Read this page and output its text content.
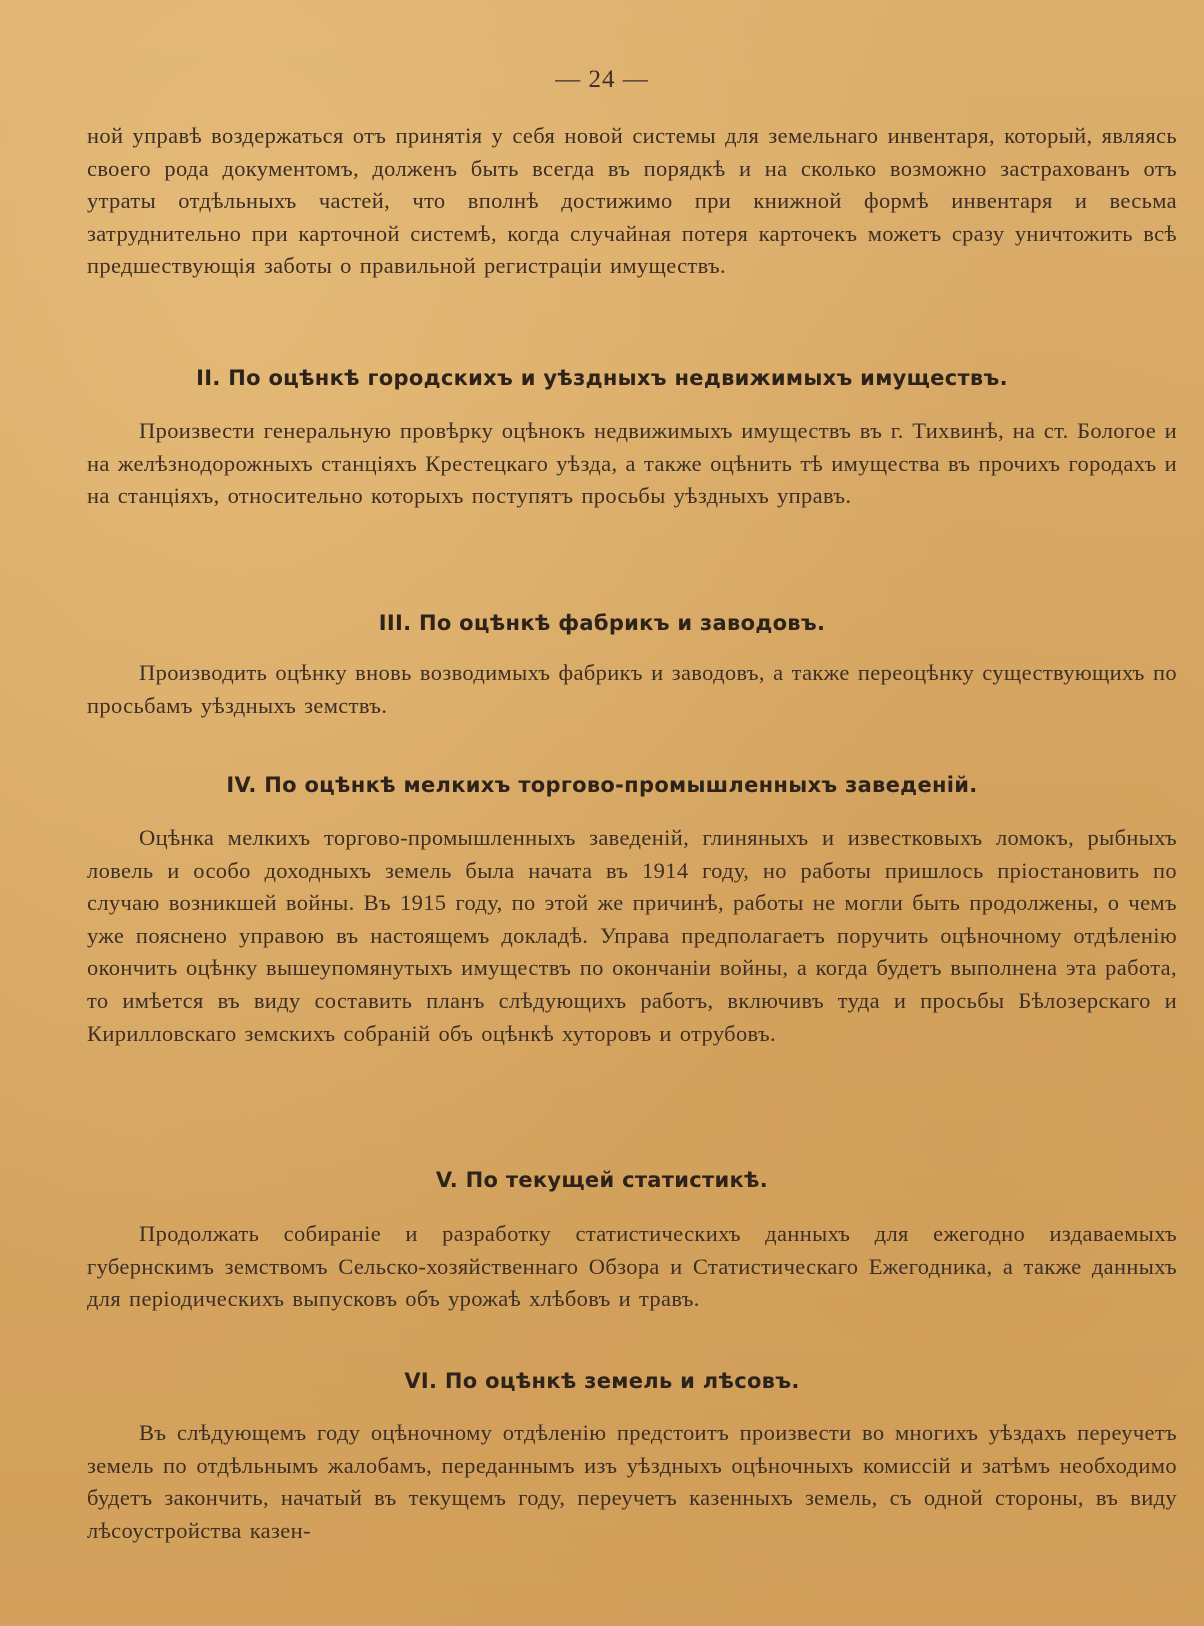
— 24 —
ной управѣ воздержаться отъ принятія у себя новой системы для земельнаго инвентаря, который, являясь своего рода документомъ, долженъ быть всегда въ порядкѣ и на сколько возможно застрахованъ отъ утраты отдѣльныхъ частей, что вполнѣ достижимо при книжной формѣ инвентаря и весьма затруднительно при карточной системѣ, когда случайная потеря карточекъ можетъ сразу уничтожить всѣ предшествующія заботы о правильной регистраціи имуществъ.
II. По оцѣнкѣ городскихъ и уѣздныхъ недвижимыхъ имуществъ.
Произвести генеральную провѣрку оцѣнокъ недвижимыхъ имуществъ въ г. Тихвинѣ, на ст. Бологое и на желѣзнодорожныхъ станціяхъ Крестецкаго уѣзда, а также оцѣнить тѣ имущества въ прочихъ городахъ и на станціяхъ, относительно которыхъ поступятъ просьбы уѣздныхъ управъ.
III. По оцѣнкѣ фабрикъ и заводовъ.
Производить оцѣнку вновь возводимыхъ фабрикъ и заводовъ, а также переоцѣнку существующихъ по просьбамъ уѣздныхъ земствъ.
IV. По оцѣнкѣ мелкихъ торгово-промышленныхъ заведеній.
Оцѣнка мелкихъ торгово-промышленныхъ заведеній, глиняныхъ и известковыхъ ломокъ, рыбныхъ ловель и особо доходныхъ земель была начата въ 1914 году, но работы пришлось пріостановить по случаю возникшей войны. Въ 1915 году, по этой же причинѣ, работы не могли быть продолжены, о чемъ уже пояснено управою въ настоящемъ докладѣ. Управа предполагаетъ поручить оцѣночному отдѣленію окончить оцѣнку вышеупомянутыхъ имуществъ по окончаніи войны, а когда будетъ выполнена эта работа, то имѣется въ виду составить планъ слѣдующихъ работъ, включивъ туда и просьбы Бѣлозерскаго и Кирилловскаго земскихъ собраній объ оцѣнкѣ хуторовъ и отрубовъ.
V. По текущей статистикѣ.
Продолжать собираніе и разработку статистическихъ данныхъ для ежегодно издаваемыхъ губернскимъ земствомъ Сельско-хозяйственнаго Обзора и Статистическаго Ежегодника, а также данныхъ для періодическихъ выпусковъ объ урожаѣ хлѣбовъ и травъ.
VI. По оцѣнкѣ земель и лѣсовъ.
Въ слѣдующемъ году оцѣночному отдѣленію предстоитъ произвести во многихъ уѣздахъ переучетъ земель по отдѣльнымъ жалобамъ, переданнымъ изъ уѣздныхъ оцѣночныхъ комиссій и затѣмъ необходимо будетъ закончить, начатый въ текущемъ году, переучетъ казенныхъ земель, съ одной стороны, въ виду лѣсоустройства казен-
